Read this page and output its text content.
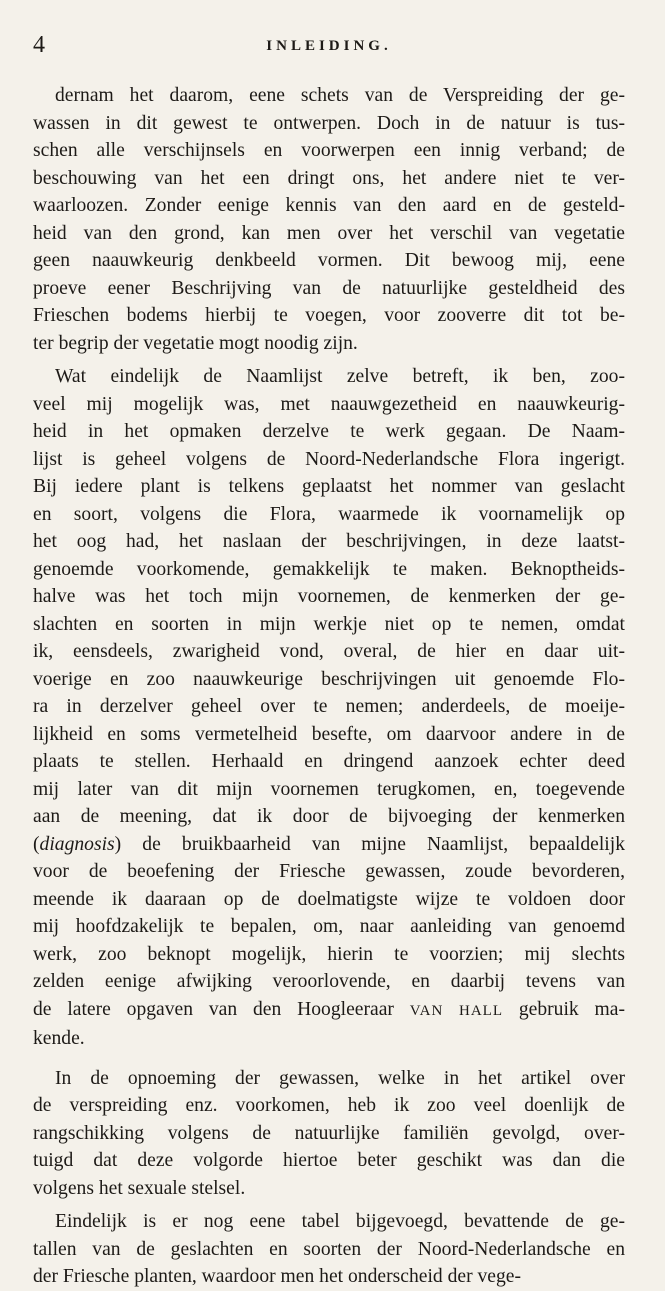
4	INLEIDING.

dernam het daarom, eene schets van de Verspreiding der ge-
wassen in dit gewest te ontwerpen. Doch in de natuur is tus-
schen alle verschijnsels en voorwerpen een innig verband; de
beschouwing van het een dringt ons, het andere niet te ver-
waarloozen. Zonder eenige kennis van den aard en de gesteld-
heid van den grond, kan men over het verschil van vegetatie
geen naauwkeurig denkbeeld vormen. Dit bewoog mij, eene
proeve eener Beschrijving van de natuurlijke gesteldheid des
Frieschen bodems hierbij te voegen, voor zooverre dit tot be-
ter begrip der vegetatie mogt noodig zijn.

Wat eindelijk de Naamlijst zelve betreft, ik ben, zoo-
veel mij mogelijk was, met naauwgezetheid en naauwkeurig-
heid in het opmaken derzelve te werk gegaan. De Naam-
lijst is geheel volgens de Noord-Nederlandsche Flora ingerigt.
Bij iedere plant is telkens geplaatst het nommer van geslacht
en soort, volgens die Flora, waarmede ik voornamelijk op
het oog had, het naslaan der beschrijvingen, in deze laatst-
genoemde voorkomende, gemakkelijk te maken. Beknoptheids-
halve was het toch mijn voornemen, de kenmerken der ge-
slachten en soorten in mijn werkje niet op te nemen, omdat
ik, eensdeels, zwarigheid vond, overal, de hier en daar uit-
voerige en zoo naauwkeurige beschrijvingen uit genoemde Flo-
ra in derzelver geheel over te nemen; anderdeels, de moeije-
lijkheid en soms vermetelheid besefte, om daarvoor andere in de
plaats te stellen. Herhaald en dringend aanzoek echter deed
mij later van dit mijn voornemen terugkomen, en, toegevende
aan de meening, dat ik door de bijvoeging der kenmerken
(diagnosis) de bruikbaarheid van mijne Naamlijst, bepaaldelijk
voor de beoefening der Friesche gewassen, zoude bevorderen,
meende ik daaraan op de doelmatigste wijze te voldoen door
mij hoofdzakelijk te bepalen, om, naar aanleiding van genoemd
werk, zoo beknopt mogelijk, hierin te voorzien; mij slechts
zelden eenige afwijking veroorlovende, en daarbij tevens van
de latere opgaven van den Hoogleeraar VAN HALL gebruik ma-
kende.

In de opnoeming der gewassen, welke in het artikel over
de verspreiding enz. voorkomen, heb ik zoo veel doenlijk de
rangschikking volgens de natuurlijke familiën gevolgd, over-
tuigd dat deze volgorde hiertoe beter geschikt was dan die
volgens het sexuale stelsel.

Eindelijk is er nog eene tabel bijgevoegd, bevattende de ge-
tallen van de geslachten en soorten der Noord-Nederlandsche en
der Friesche planten, waardoor men het onderscheid der vege-
